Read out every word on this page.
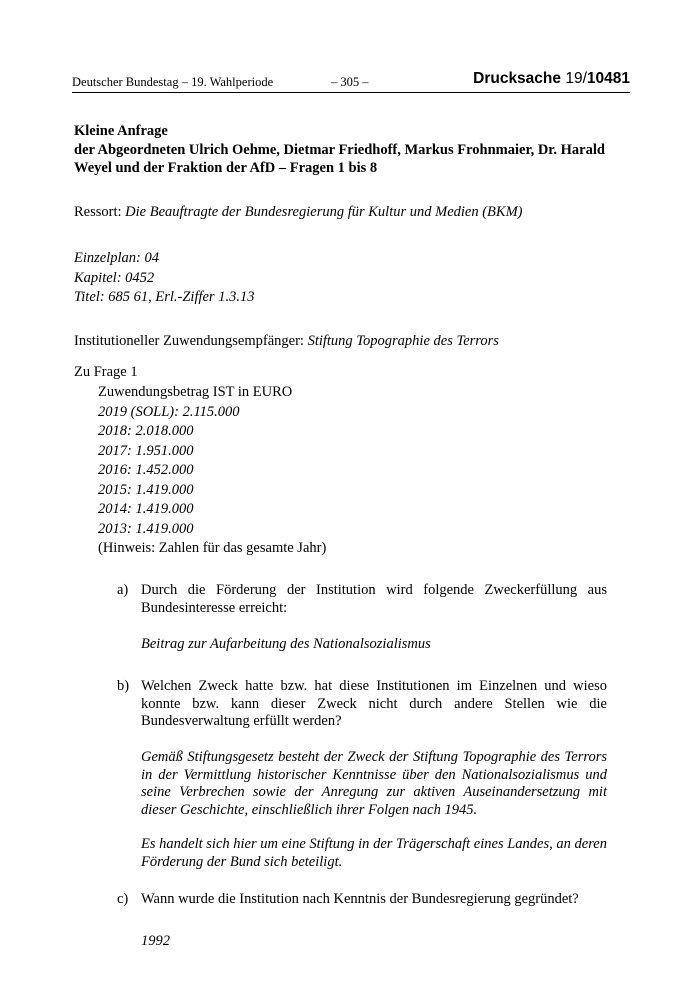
Deutscher Bundestag – 19. Wahlperiode	– 305 –	Drucksache 19/10481
Kleine Anfrage
der Abgeordneten Ulrich Oehme, Dietmar Friedhoff, Markus Frohnmaier, Dr. Harald
Weyel und der Fraktion der AfD – Fragen 1 bis 8
Ressort: Die Beauftragte der Bundesregierung für Kultur und Medien (BKM)
Einzelplan: 04
Kapitel: 0452
Titel: 685 61, Erl.-Ziffer 1.3.13
Institutioneller Zuwendungsempfänger: Stiftung Topographie des Terrors
Zu Frage 1
Zuwendungsbetrag IST in EURO
2019 (SOLL): 2.115.000
2018: 2.018.000
2017: 1.951.000
2016: 1.452.000
2015: 1.419.000
2014: 1.419.000
2013: 1.419.000
(Hinweis: Zahlen für das gesamte Jahr)
a) Durch die Förderung der Institution wird folgende Zweckerfüllung aus Bundesinteresse erreicht:
Beitrag zur Aufarbeitung des Nationalsozialismus
b) Welchen Zweck hatte bzw. hat diese Institutionen im Einzelnen und wieso konnte bzw. kann dieser Zweck nicht durch andere Stellen wie die Bundesverwaltung erfüllt werden?
Gemäß Stiftungsgesetz besteht der Zweck der Stiftung Topographie des Terrors in der Vermittlung historischer Kenntnisse über den Nationalsozialismus und seine Verbrechen sowie der Anregung zur aktiven Auseinandersetzung mit dieser Geschichte, einschließlich ihrer Folgen nach 1945.
Es handelt sich hier um eine Stiftung in der Trägerschaft eines Landes, an deren Förderung der Bund sich beteiligt.
c) Wann wurde die Institution nach Kenntnis der Bundesregierung gegründet?
1992
